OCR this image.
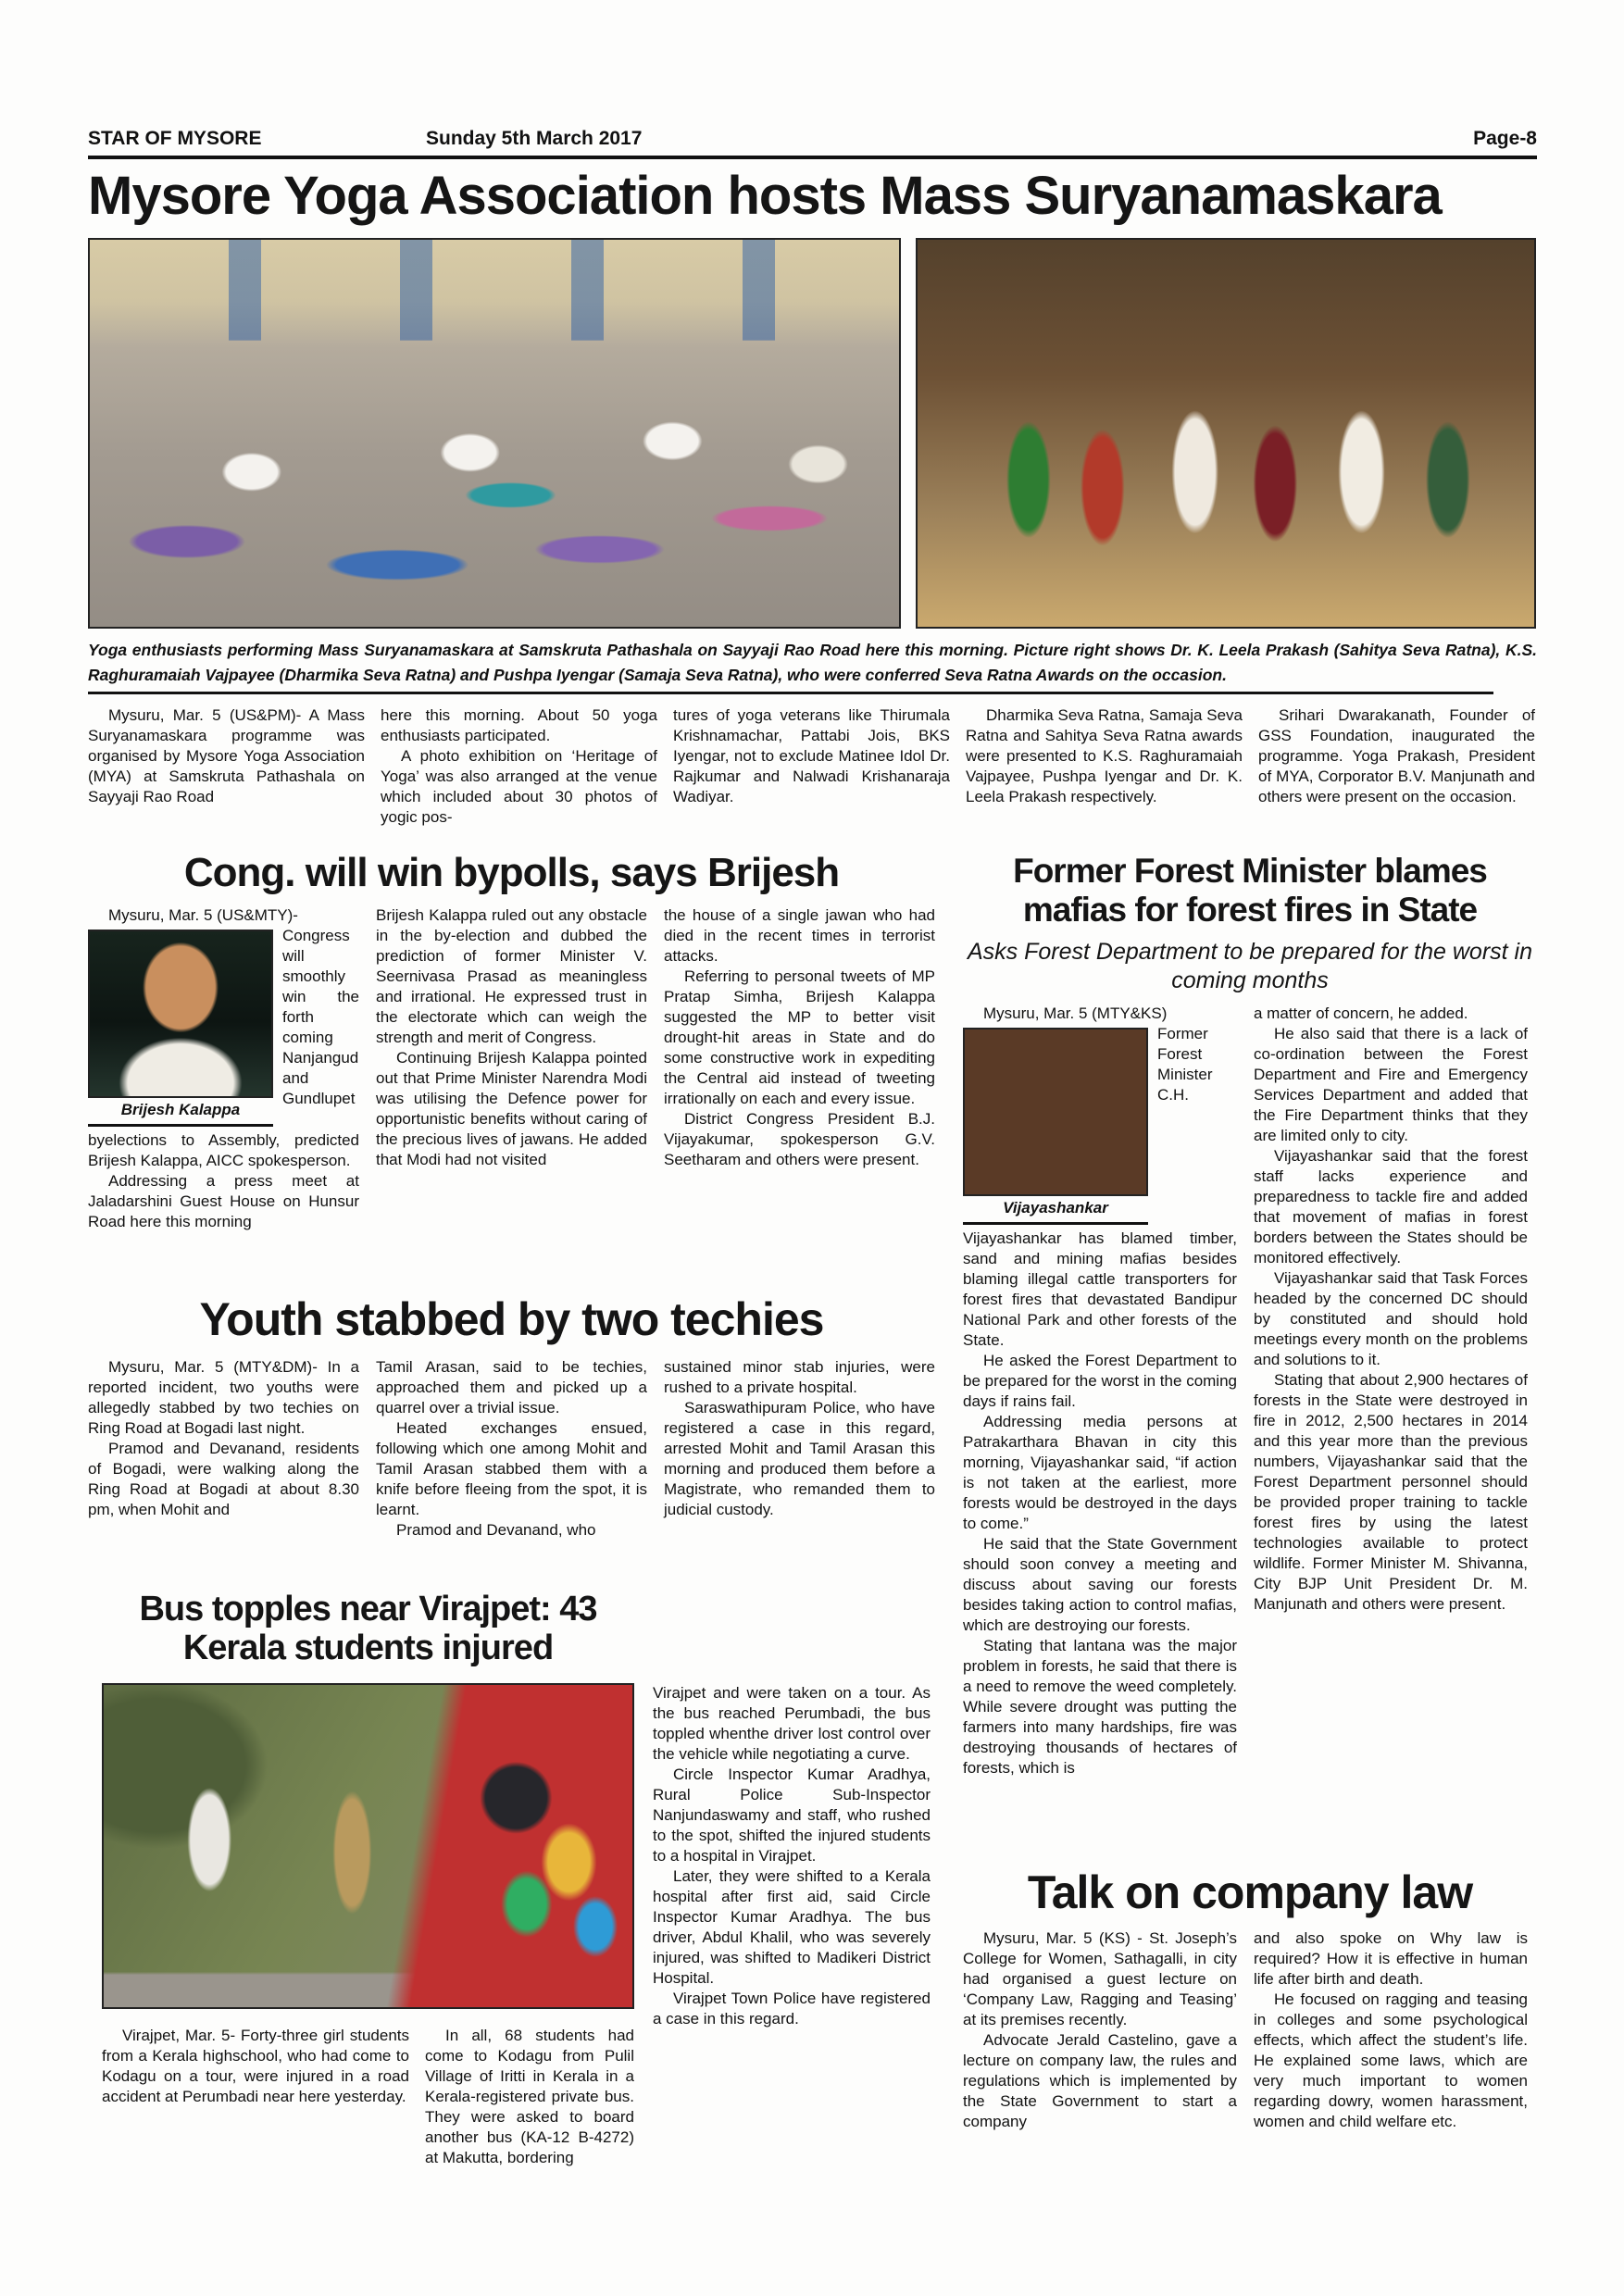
STAR OF MYSORE	Sunday 5th March 2017	Page-8
Mysore Yoga Association hosts Mass Suryanamaskara

Yoga enthusiasts performing Mass Suryanamaskara at Samskruta Pathashala on Sayyaji Rao Road here this morning. Picture right shows Dr. K. Leela Prakash (Sahitya Seva Ratna), K.S. Raghuramaiah Vajpayee (Dharmika Seva Ratna) and Pushpa Iyengar (Samaja Seva Ratna), who were conferred Seva Ratna Awards on the occasion.

Mysuru, Mar. 5 (US&PM)- A Mass Suryanamaskara programme was organised by Mysore Yoga Association (MYA) at Samskruta Pathashala on Sayyaji Rao Road

here this morning. About 50 yoga enthusiasts participated.

A photo exhibition on ‘Heritage of Yoga’ was also arranged at the venue which included about 30 photos of yogic pos-

tures of yoga veterans like Thirumala Krishnamachar, Pattabi Jois, BKS Iyengar, not to exclude Matinee Idol Dr. Rajkumar and Nalwadi Krishanaraja Wadiyar.

Dharmika Seva Ratna, Samaja Seva Ratna and Sahitya Seva Ratna awards were presented to K.S. Raghuramaiah Vajpayee, Pushpa Iyengar and Dr. K. Leela Prakash respectively.

Srihari Dwarakanath, Founder of GSS Foundation, inaugurated the programme. Yoga Prakash, President of MYA, Corporator B.V. Manjunath and others were present on the occasion.

Cong. will win bypolls, says Brijesh

Mysuru, Mar. 5 (US&MTY)-

Brijesh Kalappa

Congress will smoothly win the forth coming Nanjangud and Gundlupet byelections to Assembly, predicted Brijesh Kalappa, AICC spokesperson.

Addressing a press meet at Jaladarshini Guest House on Hunsur Road here this morning

Brijesh Kalappa ruled out any obstacle in the by-election and dubbed the prediction of former Minister V. Seernivasa Prasad as meaningless and irrational. He expressed trust in the electorate which can weigh the strength and merit of Congress.

Continuing Brijesh Kalappa pointed out that Prime Minister Narendra Modi was utilising the Defence power for opportunistic benefits without caring of the precious lives of jawans. He added that Modi had not visited

the house of a single jawan who had died in the recent times in terrorist attacks.

Referring to personal tweets of MP Pratap Simha, Brijesh Kalappa suggested the MP to better visit drought-hit areas in State and do some constructive work in expediting the Central aid instead of tweeting irrationally on each and every issue.

District Congress President B.J. Vijayakumar, spokesperson G.V. Seetharam and others were present.

Youth stabbed by two techies

Mysuru, Mar. 5 (MTY&DM)- In a reported incident, two youths were allegedly stabbed by two techies on Ring Road at Bogadi last night.

Pramod and Devanand, residents of Bogadi, were walking along the Ring Road at Bogadi at about 8.30 pm, when Mohit and

Tamil Arasan, said to be techies, approached them and picked up a quarrel over a trivial issue.

Heated exchanges ensued, following which one among Mohit and Tamil Arasan stabbed them with a knife before fleeing from the spot, it is learnt.

Pramod and Devanand, who

sustained minor stab injuries, were rushed to a private hospital.

Saraswathipuram Police, who have registered a case in this regard, arrested Mohit and Tamil Arasan this morning and produced them before a Magistrate, who remanded them to judicial custody.

Bus topples near Virajpet: 43 Kerala students injured

Virajpet and were taken on a tour. As the bus reached Perumbadi, the bus toppled whenthe driver lost control over the vehicle while negotiating a curve.

Circle Inspector Kumar Aradhya, Rural Police Sub-Inspector Nanjundaswamy and staff, who rushed to the spot, shifted the injured students to a hospital in Virajpet.

Later, they were shifted to a Kerala hospital after first aid, said Circle Inspector Kumar Aradhya. The bus driver, Abdul Khalil, who was severely injured, was shifted to Madikeri District Hospital.

Virajpet Town Police have registered a case in this regard.

Virajpet, Mar. 5- Forty-three girl students from a Kerala highschool, who had come to Kodagu on a tour, were injured in a road accident at Perumbadi near here yesterday.

In all, 68 students had come to Kodagu from Pulil Village of Iritti in Kerala in a Kerala-registered private bus. They were asked to board another bus (KA-12 B-4272) at Makutta, bordering

Former Forest Minister blames mafias for forest fires in State
Asks Forest Department to be prepared for the worst in coming months

Mysuru, Mar. 5 (MTY&KS)

Vijayashankar

Former Forest Minister C.H. Vijayashankar has blamed timber, sand and mining mafias besides blaming illegal cattle transporters for forest fires that devastated Bandipur National Park and other forests of the State.

He asked the Forest Department to be prepared for the worst in the coming days if rains fail.

Addressing media persons at Patrakarthara Bhavan in city this morning, Vijayashankar said, “if action is not taken at the earliest, more forests would be destroyed in the days to come.”

He said that the State Government should soon convey a meeting and discuss about saving our forests besides taking action to control mafias, which are destroying our forests.

Stating that lantana was the major problem in forests, he said that there is a need to remove the weed completely. While severe drought was putting the farmers into many hardships, fire was destroying thousands of hectares of forests, which is

a matter of concern, he added.

He also said that there is a lack of co-ordination between the Forest Department and Fire and Emergency Services Department and added that the Fire Department thinks that they are limited only to city.

Vijayashankar said that the forest staff lacks experience and preparedness to tackle fire and added that movement of mafias in forest borders between the States should be monitored effectively.

Vijayashankar said that Task Forces headed by the concerned DC should by constituted and should hold meetings every month on the problems and solutions to it.

Stating that about 2,900 hectares of forests in the State were destroyed in fire in 2012, 2,500 hectares in 2014 and this year more than the previous numbers, Vijayashankar said that the Forest Department personnel should be provided proper training to tackle forest fires by using the latest technologies available to protect wildlife. Former Minister M. Shivanna, City BJP Unit President Dr. M. Manjunath and others were present.

Talk on company law

Mysuru, Mar. 5 (KS) - St. Joseph’s College for Women, Sathagalli, in city had organised a guest lecture on ‘Company Law, Ragging and Teasing’ at its premises recently.

Advocate Jerald Castelino, gave a lecture on company law, the rules and regulations which is implemented by the State Government to start a company

and also spoke on Why law is required? How it is effective in human life after birth and death.

He focused on ragging and teasing in colleges and some psychological effects, which affect the student’s life. He explained some laws, which are very much important to women regarding dowry, women harassment, women and child welfare etc.
